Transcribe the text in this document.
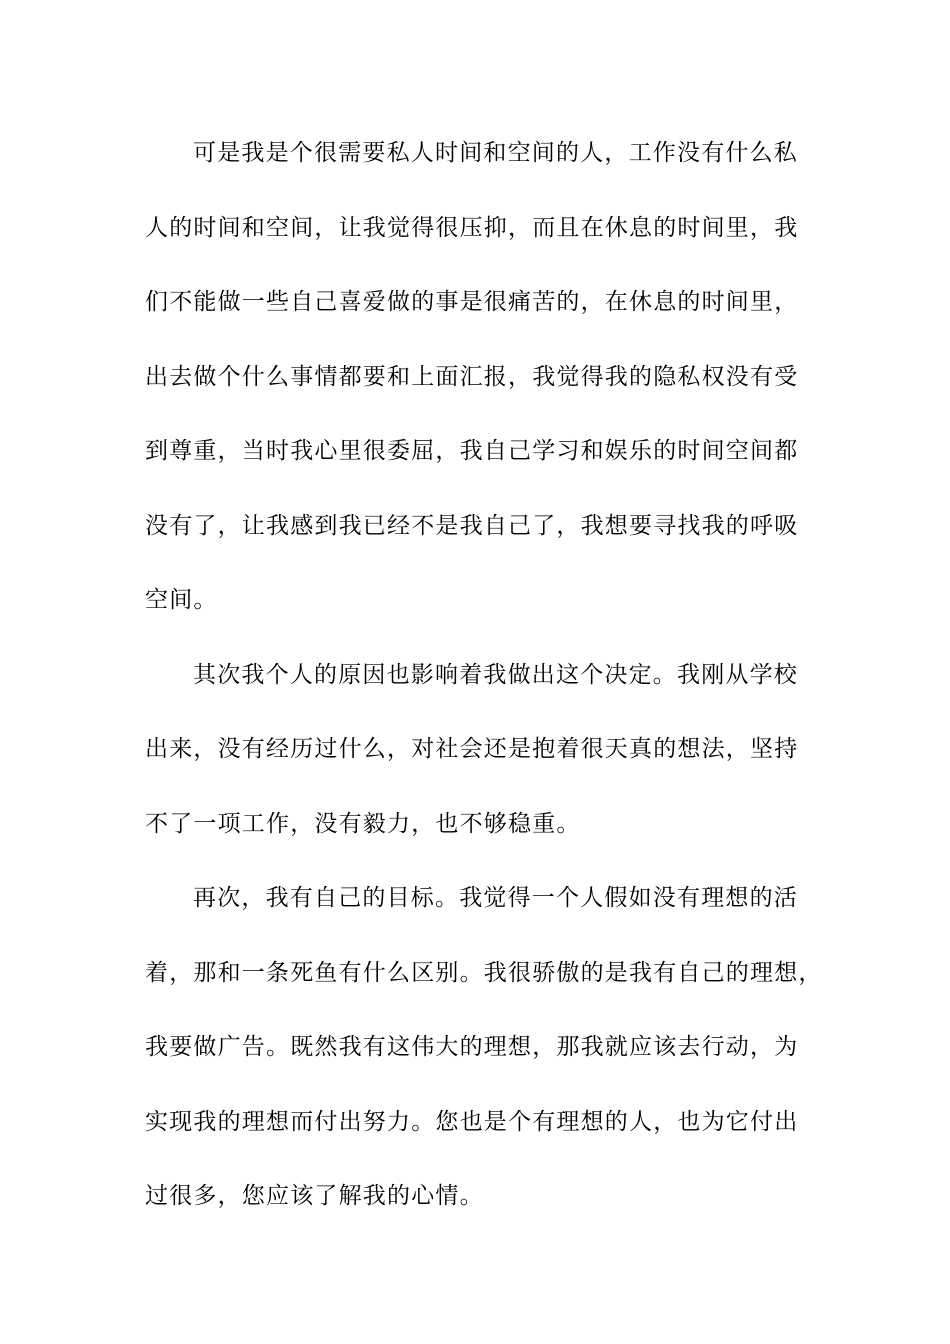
可是我是个很需要私人时间和空间的人，工作没有什么私
人的时间和空间，让我觉得很压抑，而且在休息的时间里，我
们不能做一些自己喜爱做的事是很痛苦的，在休息的时间里，
出去做个什么事情都要和上面汇报，我觉得我的隐私权没有受
到尊重，当时我心里很委屈，我自己学习和娱乐的时间空间都
没有了，让我感到我已经不是我自己了，我想要寻找我的呼吸
空间。
其次我个人的原因也影响着我做出这个决定。我刚从学校
出来，没有经历过什么，对社会还是抱着很天真的想法，坚持
不了一项工作，没有毅力，也不够稳重。
再次，我有自己的目标。我觉得一个人假如没有理想的活
着，那和一条死鱼有什么区别。我很骄傲的是我有自己的理想，
我要做广告。既然我有这伟大的理想，那我就应该去行动，为
实现我的理想而付出努力。您也是个有理想的人，也为它付出
过很多，您应该了解我的心情。
